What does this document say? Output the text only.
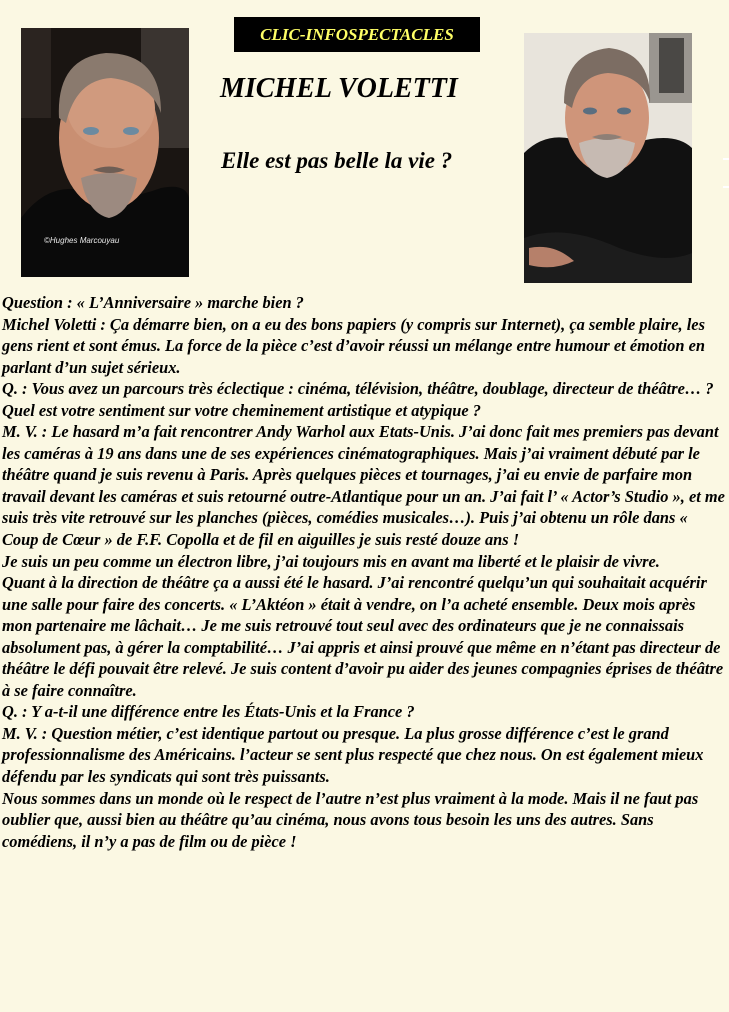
CLIC-INFOSPECTACLES
©Hughes Marcouyau
MICHEL VOLETTI
Elle est pas belle la vie ?

Question : « L’Anniversaire » marche bien ?

Michel Voletti : Ça démarre bien, on a eu des bons papiers (y compris sur Internet), ça semble plaire, les gens rient et sont émus. La force de la pièce c’est d’avoir réussi un mélange entre humour et émotion en parlant d’un sujet sérieux.

Q. : Vous avez un parcours très éclectique : cinéma, télévision, théâtre, doublage, directeur de théâtre… ? Quel est votre sentiment sur votre cheminement artistique et atypique ?

M. V. : Le hasard m’a fait rencontrer Andy Warhol aux Etats-Unis. J’ai donc fait mes premiers pas devant les caméras à 19 ans dans une de ses expériences cinématographiques. Mais j’ai vraiment débuté par le théâtre quand je suis revenu à Paris. Après quelques pièces et tournages, j’ai eu envie de parfaire mon travail devant les caméras et suis retourné outre-Atlantique pour un an. J’ai fait l’ « Actor’s Studio », et me suis très vite retrouvé sur les planches (pièces, comédies musicales…). Puis j’ai obtenu un rôle dans « Coup de Cœur » de F.F. Copolla et de fil en aiguilles je suis resté douze ans !

Je suis un peu comme un électron libre, j’ai toujours mis en avant ma liberté et le plaisir de vivre.

Quant à la direction de théâtre ça a aussi été le hasard. J’ai rencontré quelqu’un qui souhaitait acquérir une salle pour faire des concerts. « L’Aktéon » était à vendre, on l’a acheté ensemble. Deux mois après mon partenaire me lâchait… Je me suis retrouvé tout seul avec des ordinateurs que je ne connaissais absolument pas, à gérer la comptabilité… J’ai appris et ainsi prouvé que même en n’étant pas directeur de théâtre le défi pouvait être relevé. Je suis content d’avoir pu aider des jeunes compagnies éprises de théâtre à se faire connaître.

Q. : Y a-t-il une différence entre les États-Unis et la France ?

M. V. : Question métier, c’est identique partout ou presque. La plus grosse différence c’est le grand professionnalisme des Américains. l’acteur se sent plus respecté que chez nous. On est également mieux défendu par les syndicats qui sont très puissants.

Nous sommes dans un monde où le respect de l’autre n’est plus vraiment à la mode. Mais il ne faut pas oublier que, aussi bien au théâtre qu’au cinéma, nous avons tous besoin les uns des autres. Sans comédiens, il n’y a pas de film ou de pièce !
